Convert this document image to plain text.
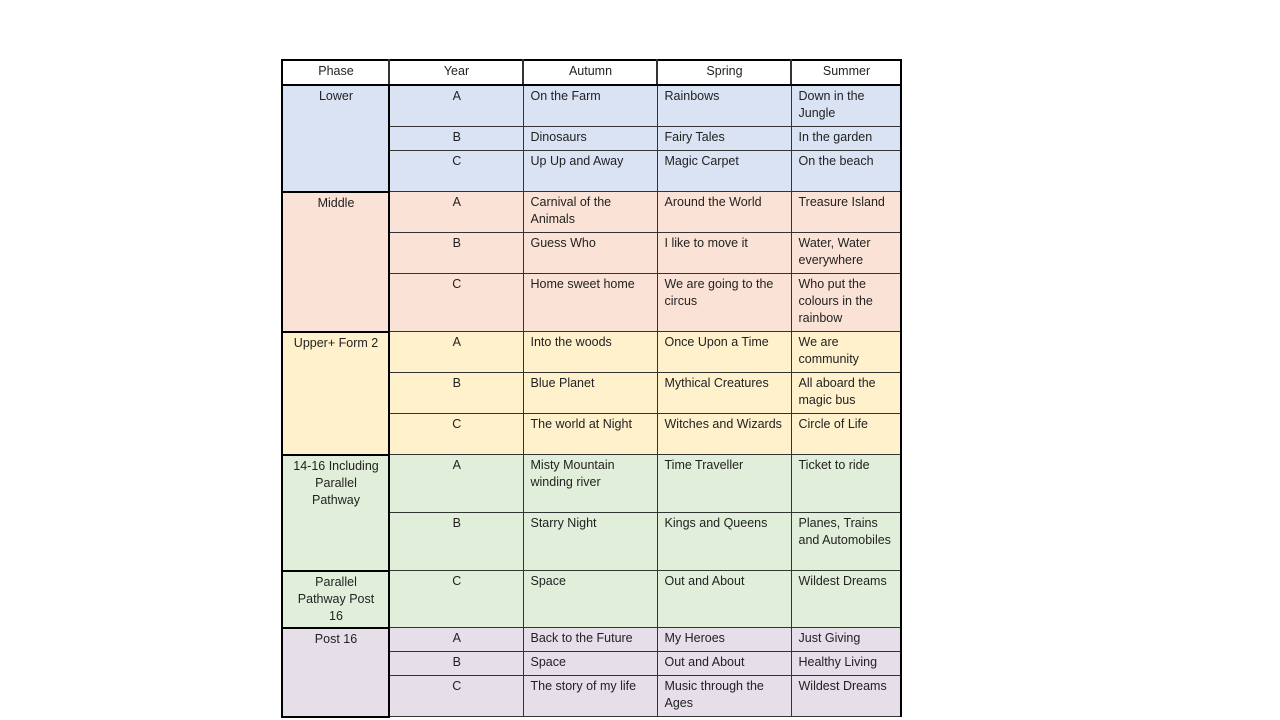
Phase	Year	Autumn	Spring	Summer
Lower	A	On the Farm	Rainbows	Down in the Jungle
	B	Dinosaurs	Fairy Tales	In the garden
	C	Up Up and Away	Magic Carpet	On the beach
Middle	A	Carnival of the Animals	Around the World	Treasure Island
	B	Guess Who	I like to move it	Water, Water everywhere
	C	Home sweet home	We are going to the circus	Who put the colours in the rainbow
Upper+ Form 2	A	Into the woods	Once Upon a Time	We are community
	B	Blue Planet	Mythical Creatures	All aboard the magic bus
	C	The world at Night	Witches and Wizards	Circle of Life
14-16 Including Parallel Pathway	A	Misty Mountain winding river	Time Traveller	Ticket to ride
	B	Starry Night	Kings and Queens	Planes, Trains and Automobiles
Parallel Pathway Post 16	C	Space	Out and About	Wildest Dreams
Post 16	A	Back to the Future	My Heroes	Just Giving
	B	Space	Out and About	Healthy Living
	C	The story of my life	Music through the Ages	Wildest Dreams
